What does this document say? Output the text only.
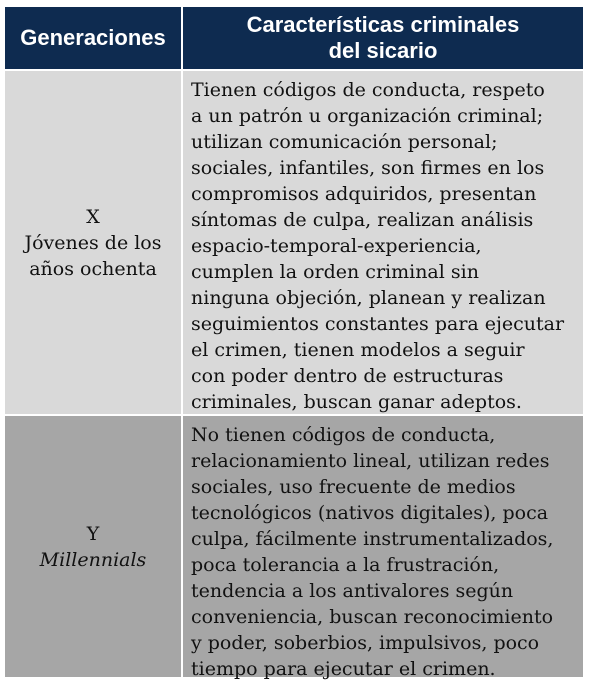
Generaciones
Características criminales
del sicario
X
Jóvenes de los
años ochenta
Tienen códigos de conducta, respeto
a un patrón u organización criminal;
utilizan comunicación personal;
sociales, infantiles, son firmes en los
compromisos adquiridos, presentan
síntomas de culpa, realizan análisis
espacio-temporal-experiencia,
cumplen la orden criminal sin
ninguna objeción, planean y realizan
seguimientos constantes para ejecutar
el crimen, tienen modelos a seguir
con poder dentro de estructuras
criminales, buscan ganar adeptos.
Y
Millennials
No tienen códigos de conducta,
relacionamiento lineal, utilizan redes
sociales, uso frecuente de medios
tecnológicos (nativos digitales), poca
culpa, fácilmente instrumentalizados,
poca tolerancia a la frustración,
tendencia a los antivalores según
conveniencia, buscan reconocimiento
y poder, soberbios, impulsivos, poco
tiempo para ejecutar el crimen.
